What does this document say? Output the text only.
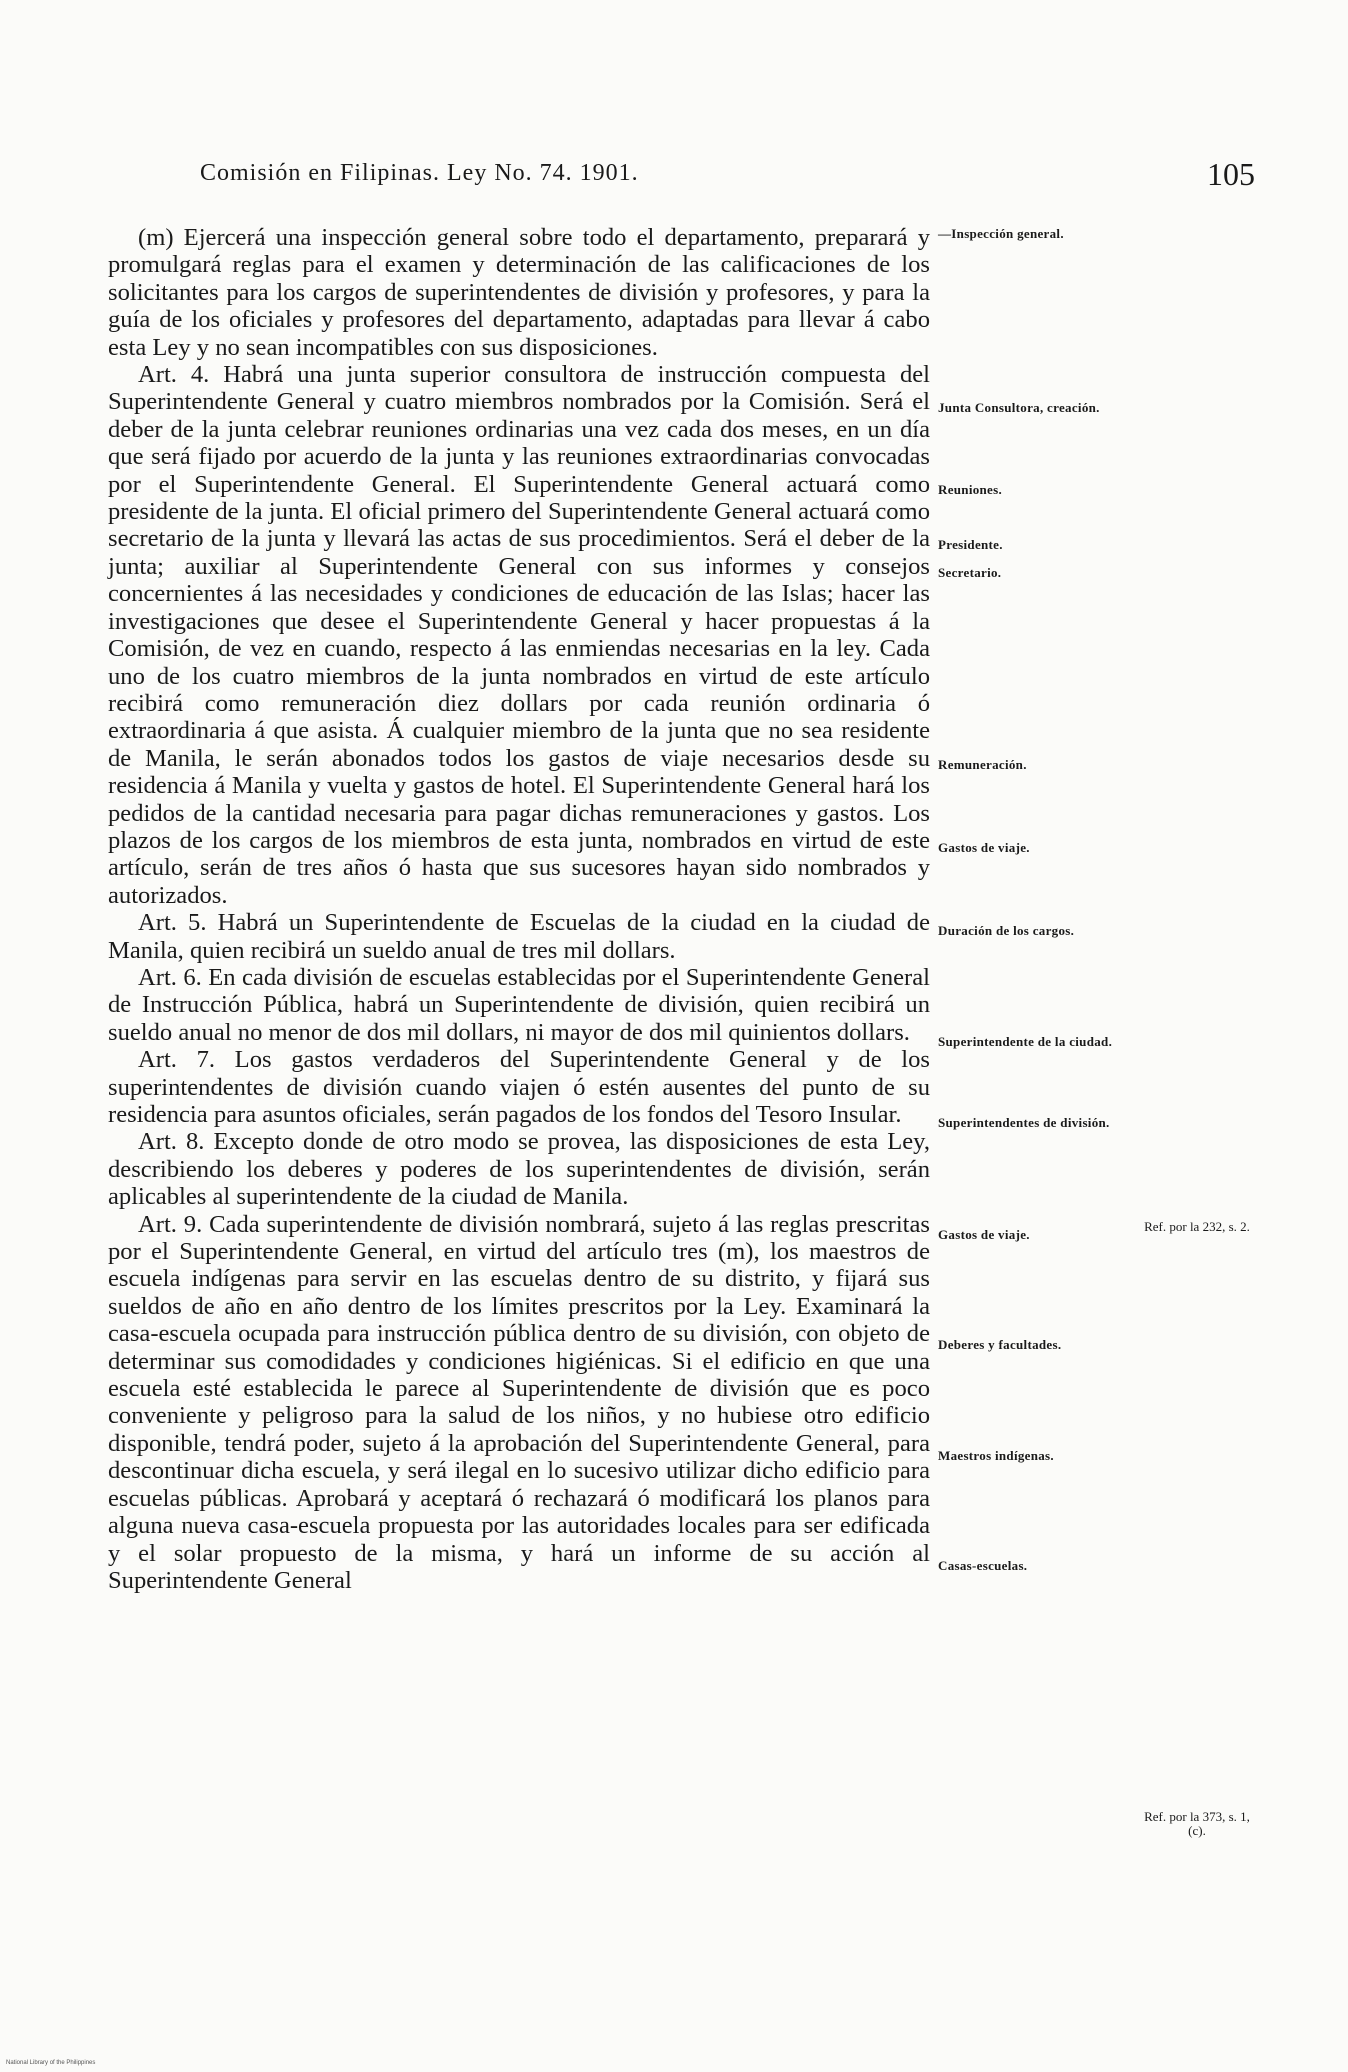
Comisión en Filipinas. Ley No. 74. 1901.	105

(m) Ejercerá una inspección general sobre todo el departamento, preparará y promulgará reglas para el examen y determinación de las calificaciones de los solicitantes para los cargos de superintendentes de división y profesores, y para la guía de los oficiales y profesores del departamento, adaptadas para llevar á cabo esta Ley y no sean incompatibles con sus disposiciones.

Art. 4. Habrá una junta superior consultora de instrucción compuesta del Superintendente General y cuatro miembros nombrados por la Comisión. Será el deber de la junta celebrar reuniones ordinarias una vez cada dos meses, en un día que será fijado por acuerdo de la junta y las reuniones extraordinarias convocadas por el Superintendente General. El Superintendente General actuará como presidente de la junta. El oficial primero del Superintendente General actuará como secretario de la junta y llevará las actas de sus procedimientos. Será el deber de la junta; auxiliar al Superintendente General con sus informes y consejos concernientes á las necesidades y condiciones de educación de las Islas; hacer las investigaciones que desee el Superintendente General y hacer propuestas á la Comisión, de vez en cuando, respecto á las enmiendas necesarias en la ley. Cada uno de los cuatro miembros de la junta nombrados en virtud de este artículo recibirá como remuneración diez dollars por cada reunión ordinaria ó extraordinaria á que asista. Á cualquier miembro de la junta que no sea residente de Manila, le serán abonados todos los gastos de viaje necesarios desde su residencia á Manila y vuelta y gastos de hotel. El Superintendente General hará los pedidos de la cantidad necesaria para pagar dichas remuneraciones y gastos. Los plazos de los cargos de los miembros de esta junta, nombrados en virtud de este artículo, serán de tres años ó hasta que sus sucesores hayan sido nombrados y autorizados.

Art. 5. Habrá un Superintendente de Escuelas de la ciudad en la ciudad de Manila, quien recibirá un sueldo anual de tres mil dollars.

Art. 6. En cada división de escuelas establecidas por el Superintendente General de Instrucción Pública, habrá un Superintendente de división, quien recibirá un sueldo anual no menor de dos mil dollars, ni mayor de dos mil quinientos dollars.

Art. 7. Los gastos verdaderos del Superintendente General y de los superintendentes de división cuando viajen ó estén ausentes del punto de su residencia para asuntos oficiales, serán pagados de los fondos del Tesoro Insular.

Art. 8. Excepto donde de otro modo se provea, las disposiciones de esta Ley, describiendo los deberes y poderes de los superintendentes de división, serán aplicables al superintendente de la ciudad de Manila.

Art. 9. Cada superintendente de división nombrará, sujeto á las reglas prescritas por el Superintendente General, en virtud del artículo tres (m), los maestros de escuela indígenas para servir en las escuelas dentro de su distrito, y fijará sus sueldos de año en año dentro de los límites prescritos por la Ley. Examinará la casa-escuela ocupada para instrucción pública dentro de su división, con objeto de determinar sus comodidades y condiciones higiénicas. Si el edificio en que una escuela esté establecida le parece al Superintendente de división que es poco conveniente y peligroso para la salud de los niños, y no hubiese otro edificio disponible, tendrá poder, sujeto á la aprobación del Superintendente General, para descontinuar dicha escuela, y será ilegal en lo sucesivo utilizar dicho edificio para escuelas públicas. Aprobará y aceptará ó rechazará ó modificará los planos para alguna nueva casa-escuela propuesta por las autoridades locales para ser edificada y el solar propuesto de la misma, y hará un informe de su acción al Superintendente General

—Inspección general.
Junta Consultora, creación.
Reuniones.
Presidente.
Secretario.
Remuneración.
Gastos de viaje.
Duración de los cargos.
Superintendente de la ciudad.
Superintendentes de división.
Gastos de viaje.
Deberes y facultades.
Maestros indígenas.
Casas-escuelas.
Ref. por la 232, s. 2.
Ref. por la 373, s. 1, (c).
National Library of the Philippines
